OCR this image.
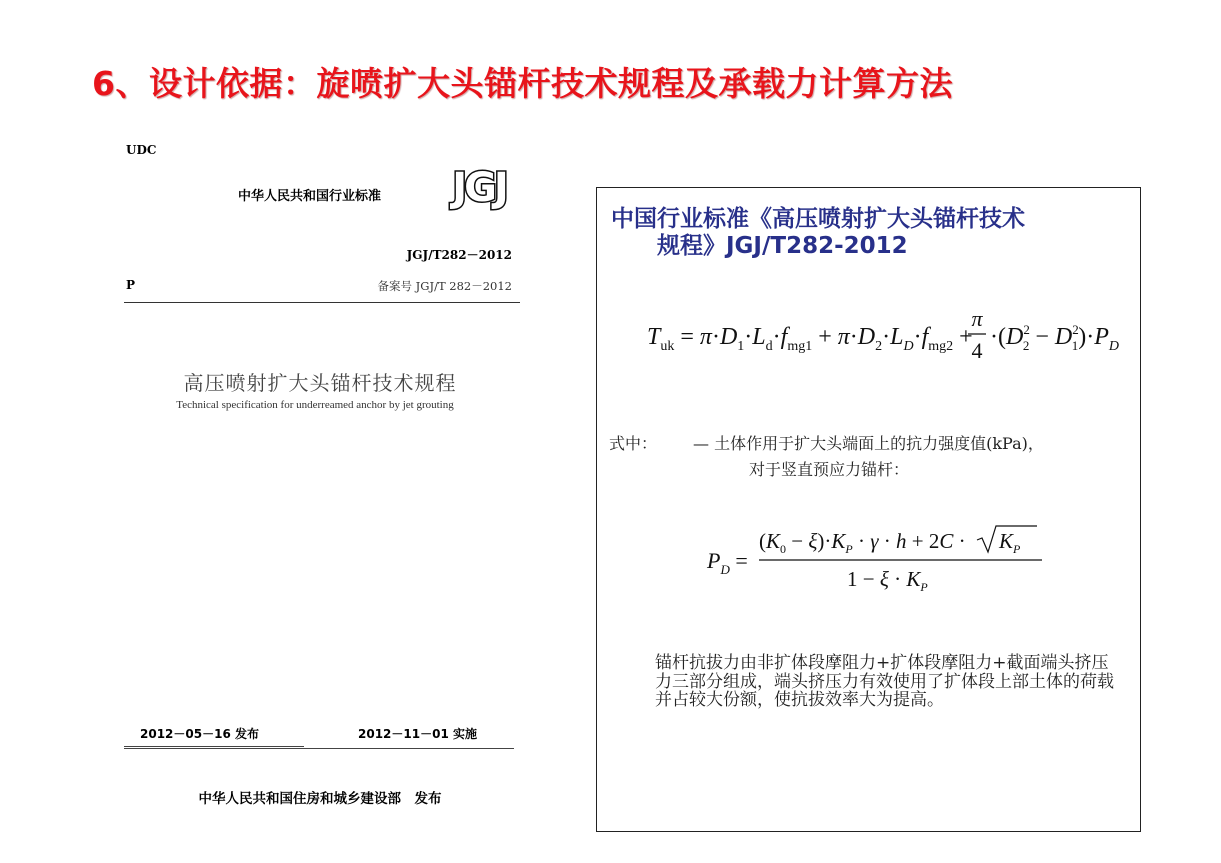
6、设计依据：旋喷扩大头锚杆技术规程及承载力计算方法
UDC
中华人民共和国行业标准 JGJ
JGJ/T282－2012
P	备案号 JGJ/T 282－2012
高压喷射扩大头锚杆技术规程
Technical specification for underreamed anchor by jet grouting
2012－05－16 发布	2012－11－01 实施
中华人民共和国住房和城乡建设部　发布
中国行业标准《高压喷射扩大头锚杆技术
规程》JGJ/T282-2012
$T_{uk} = \pi\cdot D_1\cdot L_d\cdot f_{mg1} + \pi\cdot D_2\cdot L_D\cdot f_{mg2}$ +
π
4
$\cdot(D^2$ $2 - D^2$ $1)\cdot P_D$
式中： — 土体作用于扩大头端面上的抗力强度值(kPa)，
对于竖直预应力锚杆：
$P_D$ =
$(K_0 - \xi)\cdot K_P \cdot \gamma \cdot h + 2C \cdot K_P$
$1 - \xi \cdot K_P$
锚杆抗拔力由非扩体段摩阻力+扩体段摩阻力+截面端头挤压力三部分组成，端头挤压力有效使用了扩体段上部土体的荷载并占较大份额，使抗拔效率大为提高。
